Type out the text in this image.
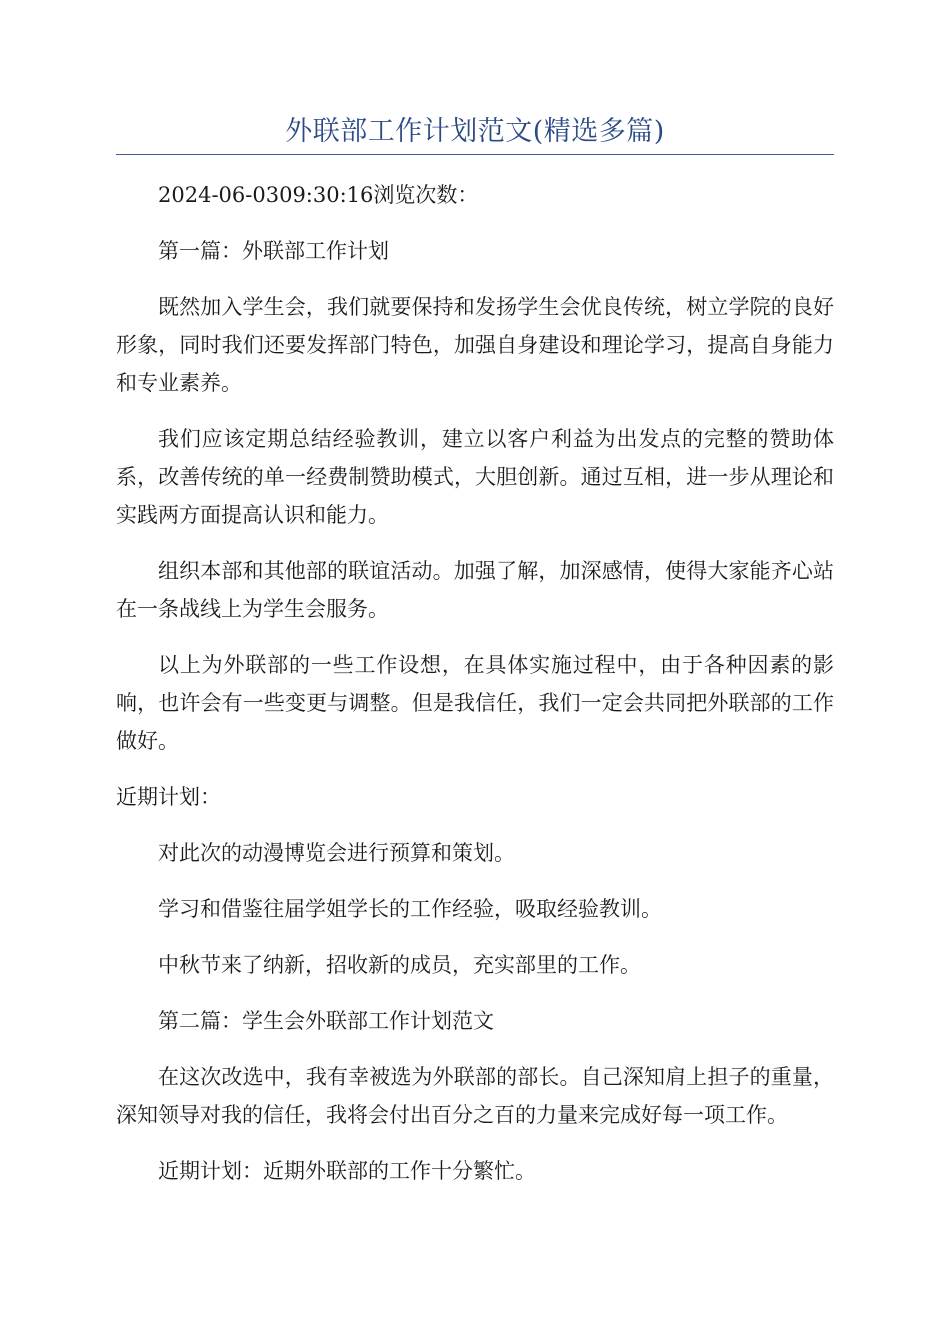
外联部工作计划范文(精选多篇)

2024-06-0309:30:16浏览次数：

第一篇：外联部工作计划

既然加入学生会，我们就要保持和发扬学生会优良传统，树立学院的良好形象，同时我们还要发挥部门特色，加强自身建设和理论学习，提高自身能力和专业素养。

我们应该定期总结经验教训，建立以客户利益为出发点的完整的赞助体系，改善传统的单一经费制赞助模式，大胆创新。通过互相，进一步从理论和实践两方面提高认识和能力。

组织本部和其他部的联谊活动。加强了解，加深感情，使得大家能齐心站在一条战线上为学生会服务。

以上为外联部的一些工作设想，在具体实施过程中，由于各种因素的影响，也许会有一些变更与调整。但是我信任，我们一定会共同把外联部的工作做好。

近期计划：

对此次的动漫博览会进行预算和策划。

学习和借鉴往届学姐学长的工作经验，吸取经验教训。

中秋节来了纳新，招收新的成员，充实部里的工作。

第二篇：学生会外联部工作计划范文

在这次改选中，我有幸被选为外联部的部长。自己深知肩上担子的重量，深知领导对我的信任，我将会付出百分之百的力量来完成好每一项工作。

近期计划：近期外联部的工作十分繁忙。
